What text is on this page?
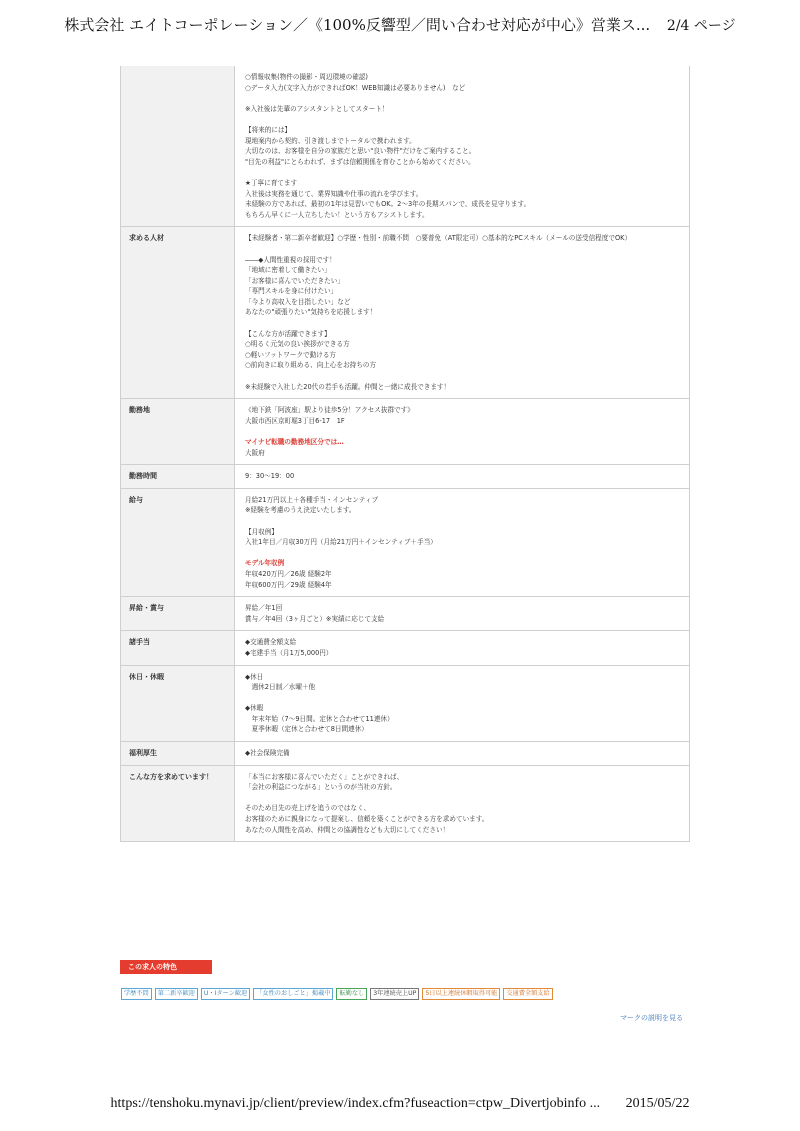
株式会社 エイトコーポレーション／《100%反響型／問い合わせ対応が中心》営業ス... 2/4 ページ
○情報収集(物件の撮影・周辺環境の確認)
○データ入力(文字入力ができればOK！WEB知識は必要ありません)　など
※入社後は先輩のアシスタントとしてスタート！
【将来的には】
現地案内から契約、引き渡しまでトータルで携われます。
大切なのは、お客様を自分の家族だと思い"良い物件"だけをご案内すること。
"目先の利益"にとらわれず、まずは信頼関係を育むことから始めてください。
★丁寧に育てます
入社後は実務を通じて、業界知識や仕事の流れを学びます。
未経験の方であれば、最初の1年は見習いでもOK。2～3年の長期スパンで、成長を見守ります。
もちろん早くに一人立ちしたい！という方もアシストします。
求める人材	【未経験者・第二新卒者歓迎】○学歴・性別・前職不問　○要普免（AT限定可）○基本的なPCスキル（メールの送受信程度でOK）
――◆人間性重視の採用です！
「地域に密着して働きたい」
「お客様に喜んでいただきたい」
「専門スキルを身に付けたい」
「今より高収入を目指したい」など
あなたの"頑張りたい"気持ちを応援します！
【こんな方が活躍できます】
○明るく元気の良い挨拶ができる方
○軽いフットワークで動ける方
○前向きに取り組める、向上心をお持ちの方
※未経験で入社した20代の若手も活躍。仲間と一緒に成長できます！
勤務地	《地下鉄「阿波座」駅より徒歩5分！アクセス抜群です》
大阪市西区京町堀3丁目6-17　1F
マイナビ転職の勤務地区分では…
大阪府
勤務時間	9：30～19：00
給与	月給21万円以上＋各種手当・インセンティブ
※経験を考慮のうえ決定いたします。
【月収例】
入社1年目／月収30万円（月給21万円＋インセンティブ＋手当）
モデル年収例
年収420万円／26歳 経験2年
年収600万円／29歳 経験4年
昇給・賞与	昇給／年1回
賞与／年4回（3ヶ月ごと）※実績に応じて支給
諸手当	◆交通費全額支給
◆宅建手当（月1万5,000円）
休日・休暇	◆休日
　週休2日制／水曜＋他
◆休暇
　年末年始（7～9日間。定休と合わせて11連休）
　夏季休暇（定休と合わせて8日間連休）
福利厚生	◆社会保険完備
こんな方を求めています！	「本当にお客様に喜んでいただく」ことができれば、
「会社の利益につながる」というのが当社の方針。
そのため目先の売上げを追うのではなく、
お客様のために親身になって提案し、信頼を築くことができる方を求めています。
あなたの人間性を高め、仲間との協調性なども大切にしてください！
この求人の特色
学歴不問	第二新卒歓迎	U・Iターン歓迎	「女性のおしごと」掲載中	転勤なし	3年連続売上UP	5日以上連続休暇取得可能	交通費全額支給
マークの説明を見る
https://tenshoku.mynavi.jp/client/preview/index.cfm?fuseaction=ctpw_Divertjobinfo ... 2015/05/22
